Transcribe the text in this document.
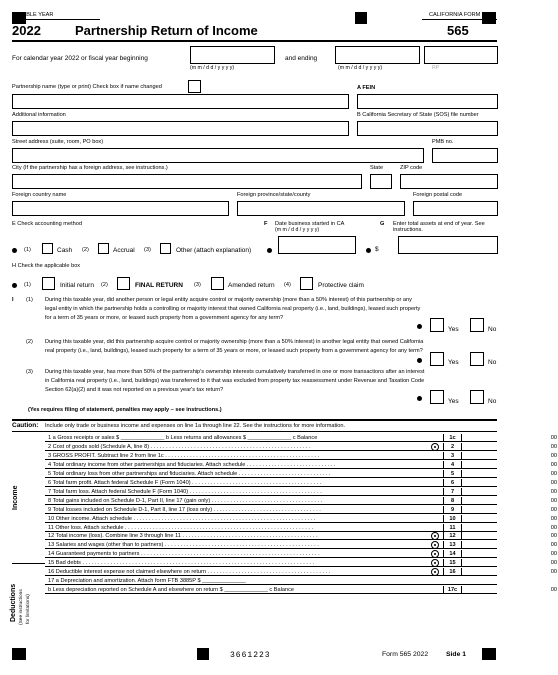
TAXABLE YEAR
2022	Partnership Return of Income
CALIFORNIA FORM
565
For calendar year 2022 or fiscal year beginning
(m m / d d / y y y y)
and ending
(m m / d d / y y y y)	RP
Partnership name (type or print) Check box if name changed	A FEIN
Additional information	B California Secretary of State (SOS) file number
Street address (suite, room, PO box)	PMB no.
City (If the partnership has a foreign address, see instructions.)	State	ZIP code
Foreign country name	Foreign province/state/county	Foreign postal code
E Check accounting method	F Date business started in CA
(m m / d d / y y y y)
G Enter total assets at end of year. See instructions.
(1)	Cash (2)	Accrual (3)	Other (attach explanation)	$
H Check the applicable box
(1)	Initial return (2)	FINAL RETURN (3)	Amended return (4)	Protective claim
I (1) During this taxable year, did another person or legal entity acquire control or majority ownership (more than a 50% interest) of this partnership or any legal entity in which the partnership holds a controlling or majority interest that owned California real property (i.e., land, buildings), leased such property for a term of 35 years or more, or leased such property from a government agency for any term?
Yes	No
(2) During this taxable year, did this partnership acquire control or majority ownership (more than a 50% interest) in another legal entity that owned California real property (i.e., land, buildings), leased such property for a term of 35 years or more, or leased such property from a government agency for any term?
Yes	No
(3) During this taxable year, has more than 50% of the partnership's ownership interests cumulatively transferred in one or more transactions after an interest in California real property (i.e., land, buildings) was transferred to it that was excluded from property tax reassessment under Revenue and Taxation Code Section 62(a)(2) and it was not reported on a previous year's tax return?
Yes	No
(Yes requires filing of statement, penalties may apply – see instructions.)
Caution: Include only trade or business income and expenses on line 1a through line 22. See the instructions for more information.
Income
Deductions (See instructions for limitations)
1 a Gross receipts or sales $ ______________ b Less returns and allowances $ ______________ c Balance	1c	00
2 Cost of goods sold (Schedule A, line 8) . . . . . . . . . . . . . . . . . . . . . . . . . . . . . . . . . . . . . . . . . . . . . . . . . . . .	2	00
3 GROSS PROFIT. Subtract line 2 from line 1c . . . . . . . . . . . . . . . . . . . . . . . . . . . . . . . . . . . . . . . . . . . . . . . . . .	3	00
4 Total ordinary income from other partnerships and fiduciaries. Attach schedule . . . . . . . . . . . . . . . . . . . . . . . . . . . . .	4	00
5 Total ordinary loss from other partnerships and fiduciaries. Attach schedule . . . . . . . . . . . . . . . . . . . . . . . . . . . . . .	5	00
6 Total farm profit. Attach federal Schedule F (Form 1040) . . . . . . . . . . . . . . . . . . . . . . . . . . . . . . . . . . . . . . . . . .	6	00
7 Total farm loss. Attach federal Schedule F (Form 1040) . . . . . . . . . . . . . . . . . . . . . . . . . . . . . . . . . . . . . . . . . . .	7	00
8 Total gains included on Schedule D-1, Part II, line 17 (gain only) . . . . . . . . . . . . . . . . . . . . . . . . . . . . . . . . . . . .	8	00
9 Total losses included on Schedule D-1, Part II, line 17 (loss only) . . . . . . . . . . . . . . . . . . . . . . . . . . . . . . . . . . .	9	00
10 Other income. Attach schedule . . . . . . . . . . . . . . . . . . . . . . . . . . . . . . . . . . . . . . . . . . . . . . . . . . . . . . . . . . .	10	00
11 Other loss. Attach schedule . . . . . . . . . . . . . . . . . . . . . . . . . . . . . . . . . . . . . . . . . . . . . . . . . . . . . . . . . . . . .	11	00
12 Total income (loss). Combine line 3 through line 11 . . . . . . . . . . . . . . . . . . . . . . . . . . . . . . . . . . . . . . . . . . . .	12	00
13 Salaries and wages (other than to partners) . . . . . . . . . . . . . . . . . . . . . . . . . . . . . . . . . . . . . . . . . . . . . . . . . .	13	00
14 Guaranteed payments to partners . . . . . . . . . . . . . . . . . . . . . . . . . . . . . . . . . . . . . . . . . . . . . . . . . . . . . . . . . .	14	00
15 Bad debts . . . . . . . . . . . . . . . . . . . . . . . . . . . . . . . . . . . . . . . . . . . . . . . . . . . . . . . . . . . . . . . . . . . . . . . . . . .	15	00
16 Deductible interest expense not claimed elsewhere on return . . . . . . . . . . . . . . . . . . . . . . . . . . . . . . . . . . . . . . . .	16	00
17 a Depreciation and amortization. Attach form FTB 3885P $ ______________
b Less depreciation reported on Schedule A and elsewhere on return $ ______________ c Balance	17c	00
3661223	Form 565 2022	Side 1
